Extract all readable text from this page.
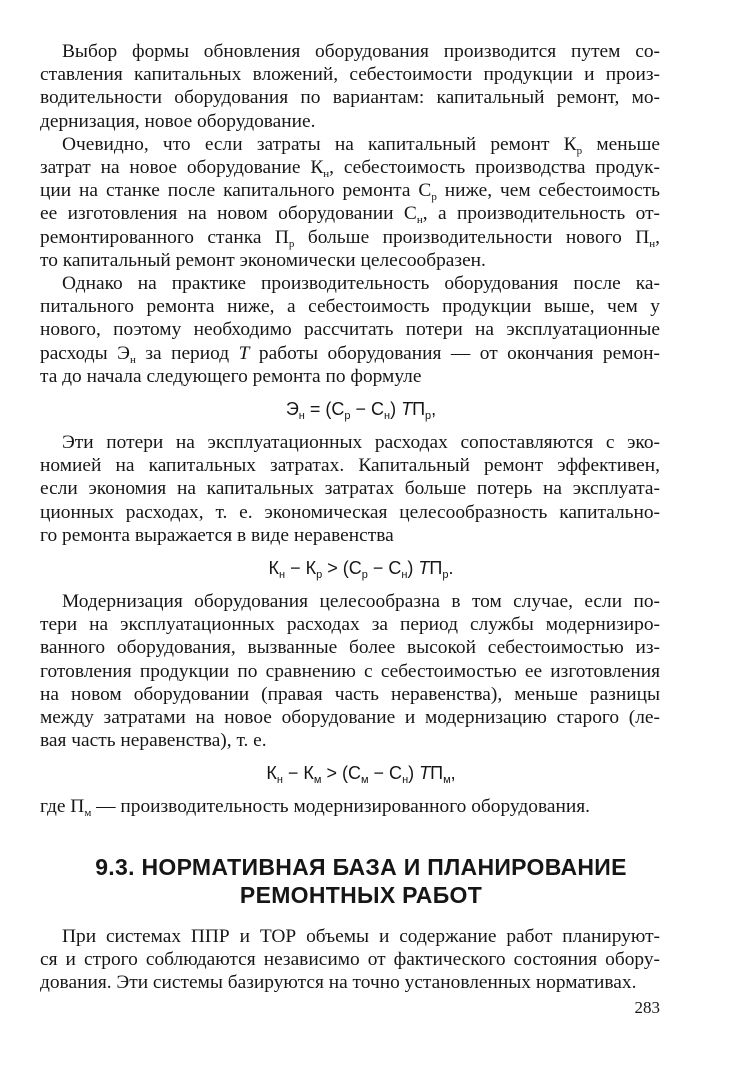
Выбор формы обновления оборудования производится путем со-
ставления капитальных вложений, себестоимости продукции и произ-
водительности оборудования по вариантам: капитальный ремонт, мо-
дернизация, новое оборудование.

Очевидно, что если затраты на капитальный ремонт $К_р$ меньше
затрат на новое оборудование $К_н$, себестоимость производства продук-
ции на станке после капитального ремонта $С_р$ ниже, чем себестоимость
ее изготовления на новом оборудовании $С_н$, а производительность от-
ремонтированного станка $П_р$ больше производительности нового $П_н$,
то капитальный ремонт экономически целесообразен.

Однако на практике производительность оборудования после ка-
питального ремонта ниже, а себестоимость продукции выше, чем у
нового, поэтому необходимо рассчитать потери на эксплуатационные
расходы $Э_н$ за период Т работы оборудования — от окончания ремон-
та до начала следующего ремонта по формуле

$Э_н = (С_р - С_н)$ $ТП_р$,

Эти потери на эксплуатационных расходах сопоставляются с эко-
номией на капитальных затратах. Капитальный ремонт эффективен,
если экономия на капитальных затратах больше потерь на эксплуата-
ционных расходах, т. е. экономическая целесообразность капитально-
го ремонта выражается в виде неравенства

$К_н - К_р > (С_р - С_н)$ $ТП_р$.

Модернизация оборудования целесообразна в том случае, если по-
тери на эксплуатационных расходах за период службы модернизиро-
ванного оборудования, вызванные более высокой себестоимостью из-
готовления продукции по сравнению с себестоимостью ее изготовления
на новом оборудовании (правая часть неравенства), меньше разницы
между затратами на новое оборудование и модернизацию старого (ле-
вая часть неравенства), т. е.

$К_н - К_м > (С_м - С_н)$ $ТП_м$,

где $П_м$ — производительность модернизированного оборудования.

9.3. НОРМАТИВНАЯ БАЗА И ПЛАНИРОВАНИЕ
РЕМОНТНЫХ РАБОТ

При системах ППР и ТОР объемы и содержание работ планируют-
ся и строго соблюдаются независимо от фактического состояния обору-
дования. Эти системы базируются на точно установленных нормативах.

283
